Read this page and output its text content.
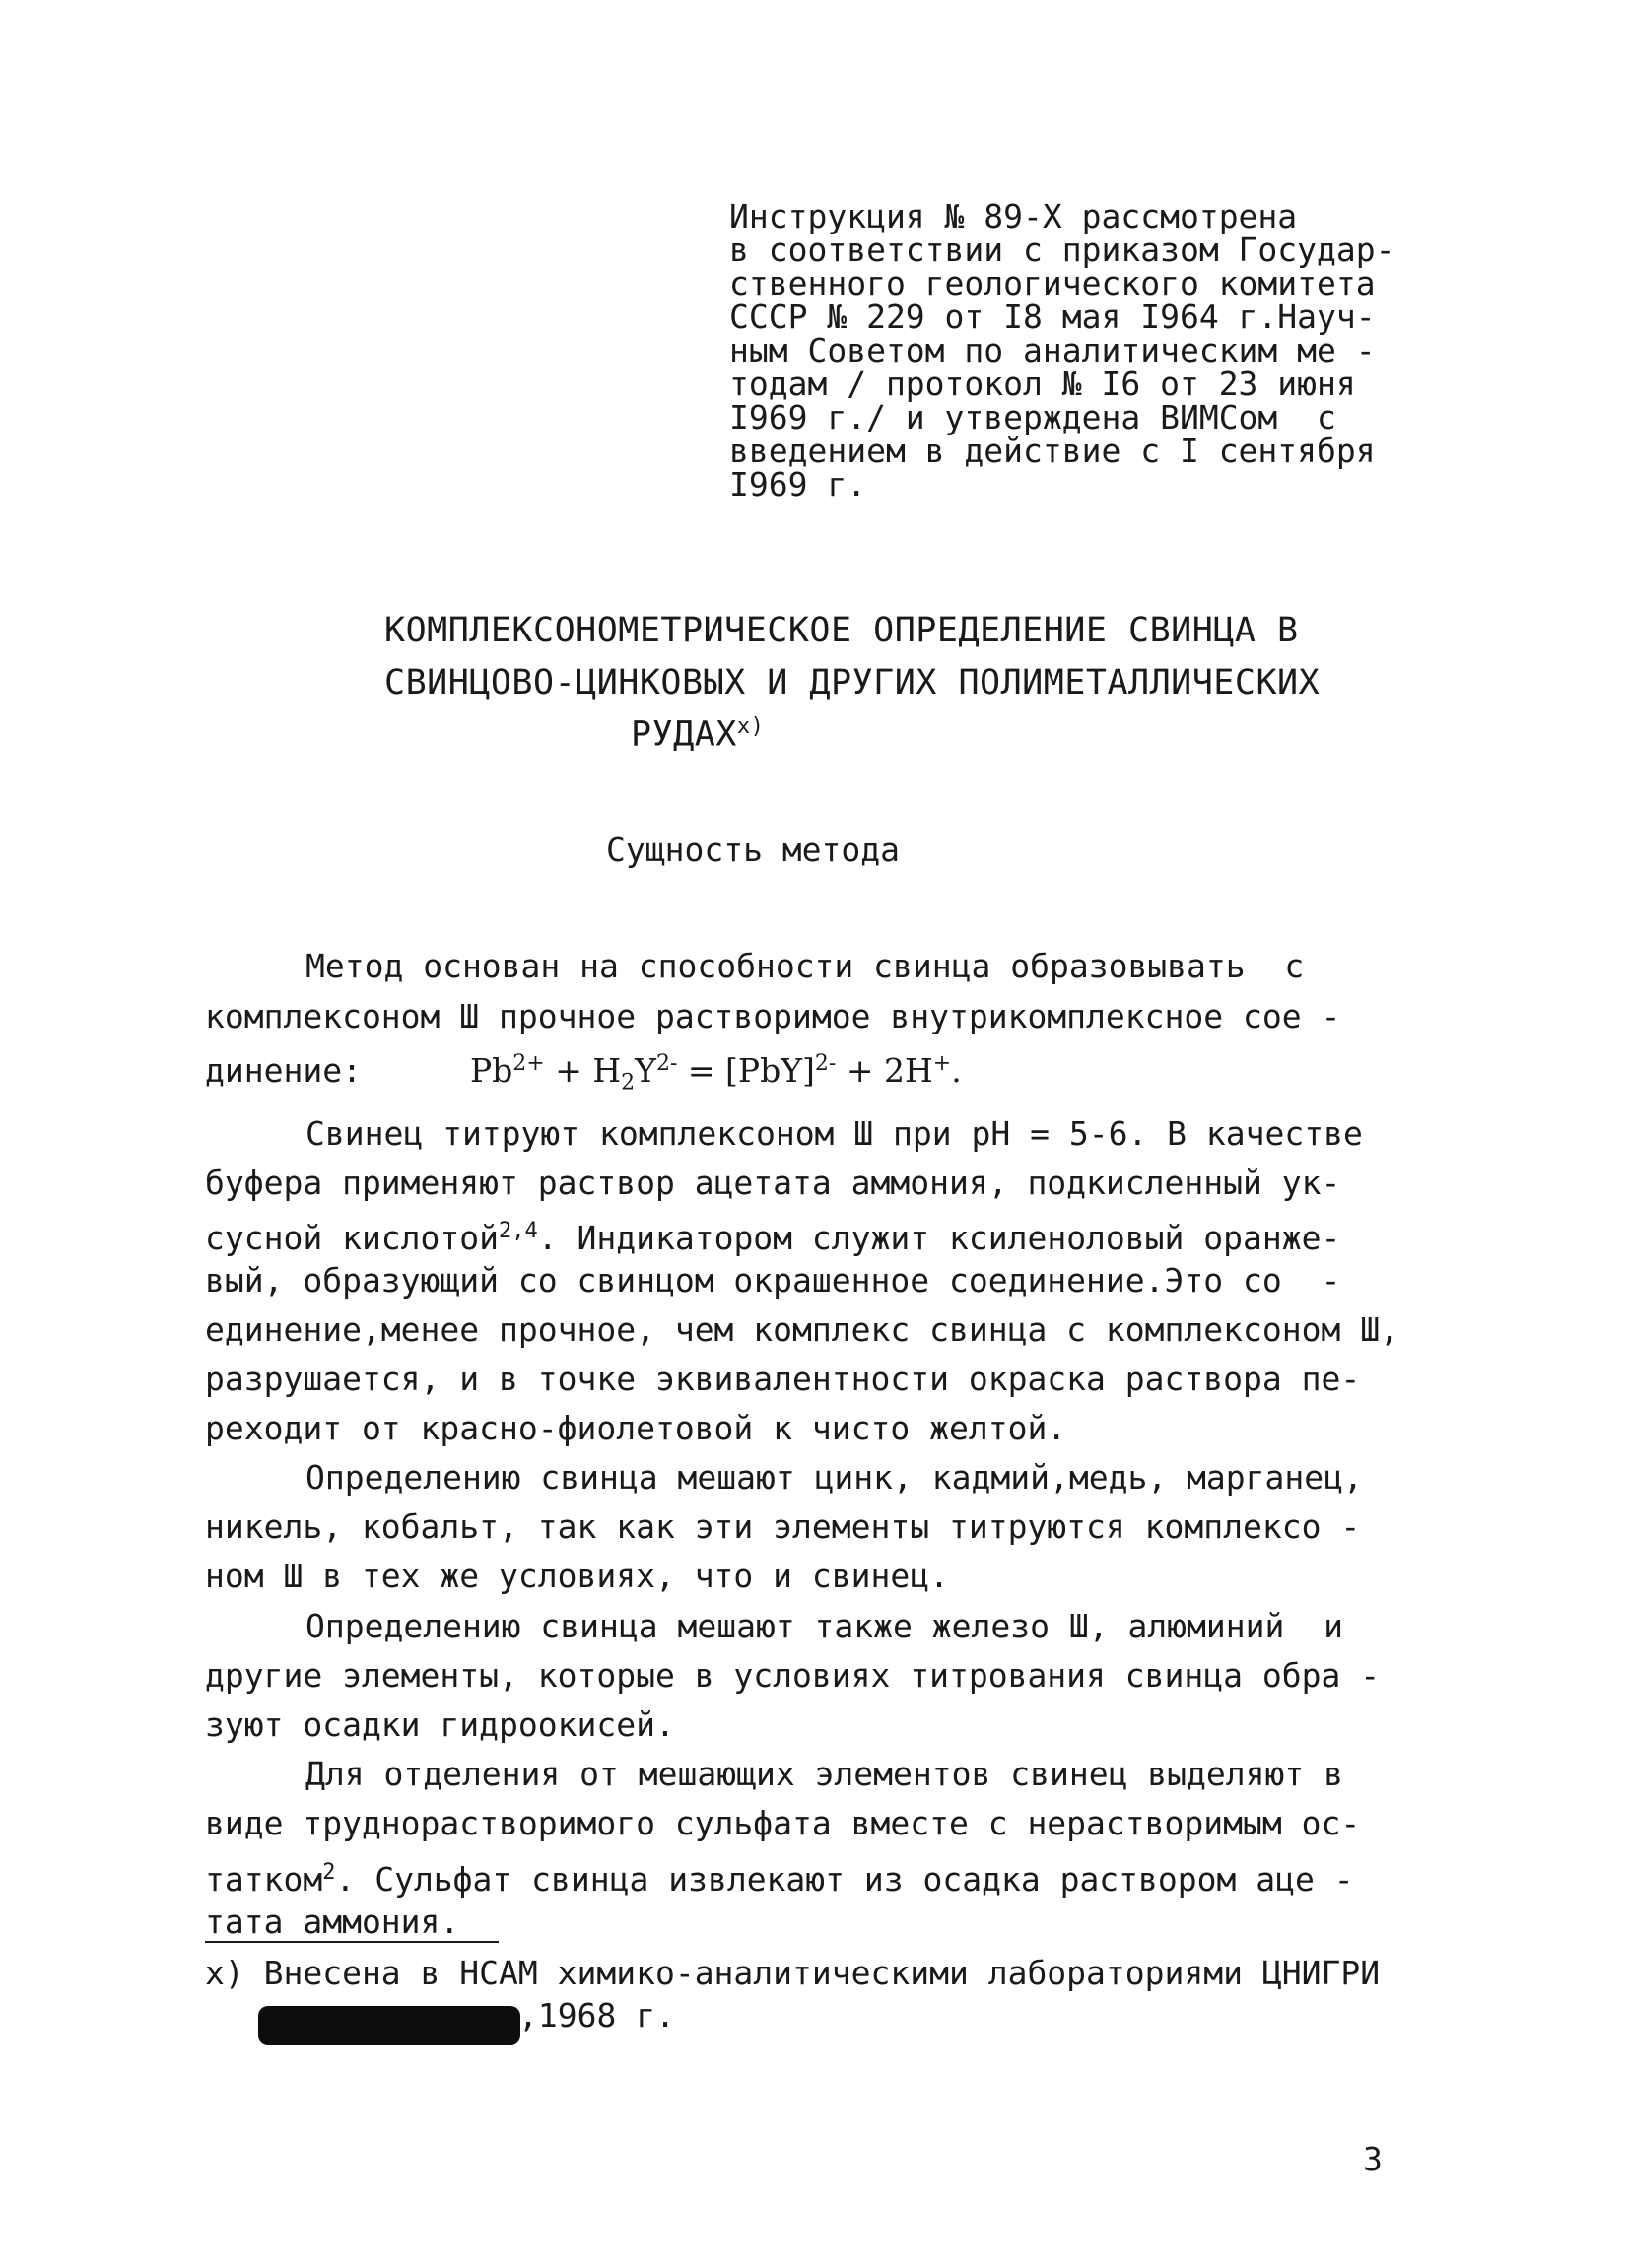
Инструкция № 89-Х рассмотрена
в соответствии с приказом Государ-
ственного геологического комитета
СССР № 229 от I8 мая I964 г.Науч-
ным Советом по аналитическим ме -
тодам / протокол № I6 от 23 июня
I969 г./ и утверждена ВИМСом  с
введением в действие с I сентября
I969 г.
КОМПЛЕКСОНОМЕТРИЧЕСКОЕ ОПРЕДЕЛЕНИЕ СВИНЦА В
СВИНЦОВО-ЦИНКОВЫХ И ДРУГИХ ПОЛИМЕТАЛЛИЧЕСКИХ
$РУДАХ^{х)}$
Сущность метода
Метод основан на способности свинца образовывать  с
комплексоном Ш прочное растворимое внутрикомплексное сое -
динение:	$Pb^{2+} + H_2Y^{2-} = [PbY]^{2-} + 2H^+$.
Свинец титруют комплексоном Ш при рН = 5-6. В качестве
буфера применяют раствор ацетата аммония, подкисленный ук-
сусной кислотой$^{2,4}$. Индикатором служит ксиленоловый оранже-
вый, образующий со свинцом окрашенное соединение.Это со  -
единение,менее прочное, чем комплекс свинца с комплексоном Ш,
разрушается, и в точке эквивалентности окраска раствора пе-
реходит от красно-фиолетовой к чисто желтой.
Определению свинца мешают цинк, кадмий,медь, марганец,
никель, кобальт, так как эти элементы титруются комплексо -
ном Ш в тех же условиях, что и свинец.
Определению свинца мешают также железо Ш, алюминий  и
другие элементы, которые в условиях титрования свинца обра -
зуют осадки гидроокисей.
Для отделения от мешающих элементов свинец выделяют в
виде труднорастворимого сульфата вместе с нерастворимым ос-
татком$^2$. Сульфат свинца извлекают из осадка раствором аце -
тата аммония.
х) Внесена в НСАМ химико-аналитическими лабораториями ЦНИГРИ
,1968 г.
3
